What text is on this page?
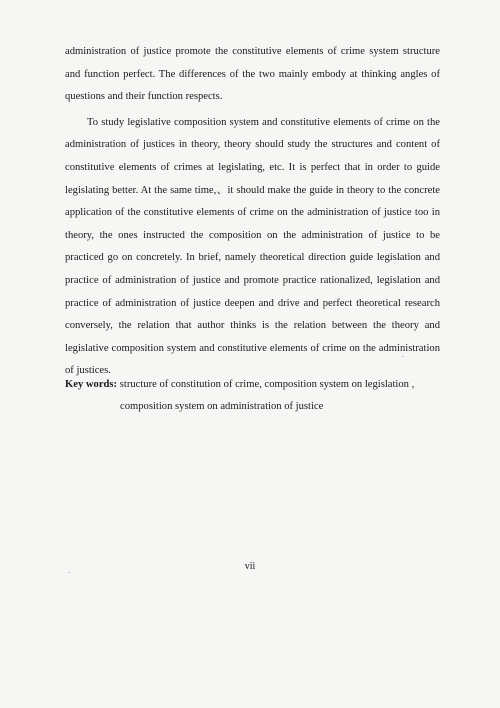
administration of justice promote the constitutive elements of crime system structure and function perfect. The differences of the two mainly embody at thinking angles of questions and their function respects.

To study legislative composition system and constitutive elements of crime on the administration of justices in theory, theory should study the structures and content of constitutive elements of crimes at legislating, etc. It is perfect that in order to guide legislating better. At the same time,、it should make the guide in theory to the concrete application of the constitutive elements of crime on the administration of justice too in theory, the ones instructed the composition on the administration of justice to be practiced go on concretely. In brief, namely theoretical direction guide legislation and practice of administration of justice and promote practice rationalized, legislation and practice of administration of justice deepen and drive and perfect theoretical research conversely, the relation that author thinks is the relation between the theory and legislative composition system and constitutive elements of crime on the administration of justices.

Key words: structure of constitution of crime, composition system on legislation ,
composition system on administration of justice
vii
